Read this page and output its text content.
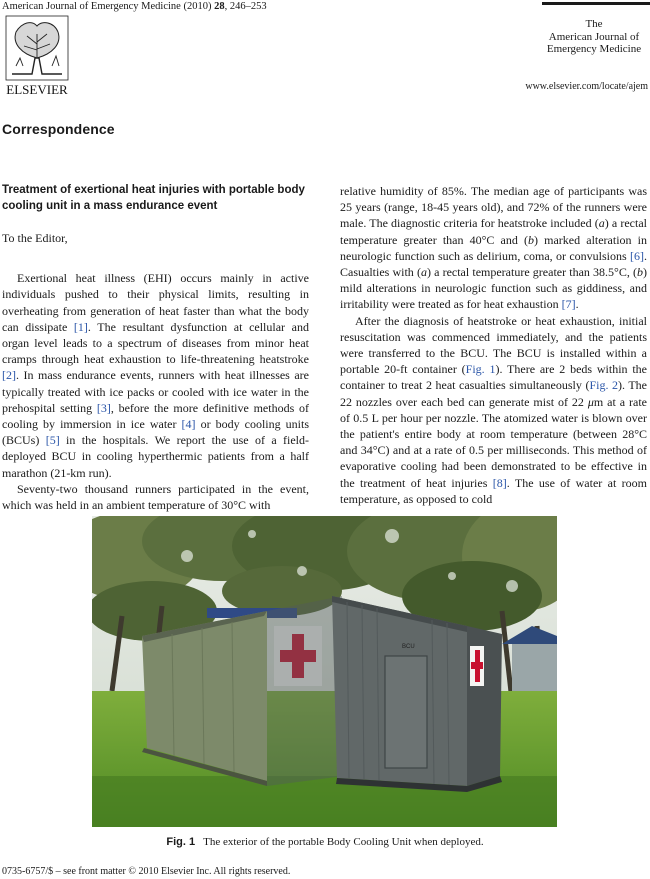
American Journal of Emergency Medicine (2010) 28, 246–253
ELSEVIER
The
American Journal of
Emergency Medicine
www.elsevier.com/locate/ajem
Correspondence
Treatment of exertional heat injuries with portable body cooling unit in a mass endurance event

To the Editor,

Exertional heat illness (EHI) occurs mainly in active individuals pushed to their physical limits, resulting in overheating from generation of heat faster than what the body can dissipate [1]. The resultant dysfunction at cellular and organ level leads to a spectrum of diseases from minor heat cramps through heat exhaustion to life-threatening heatstroke [2]. In mass endurance events, runners with heat illnesses are typically treated with ice packs or cooled with ice water in the prehospital setting [3], before the more definitive methods of cooling by immersion in ice water [4] or body cooling units (BCUs) [5] in the hospitals. We report the use of a field-deployed BCU in cooling hyperthermic patients from a half marathon (21-km run).

Seventy-two thousand runners participated in the event, which was held in an ambient temperature of 30°C with

relative humidity of 85%. The median age of participants was 25 years (range, 18-45 years old), and 72% of the runners were male. The diagnostic criteria for heatstroke included (a) a rectal temperature greater than 40°C and (b) marked alteration in neurologic function such as delirium, coma, or convulsions [6]. Casualties with (a) a rectal temperature greater than 38.5°C, (b) mild alterations in neurologic function such as giddiness, and irritability were treated as for heat exhaustion [7].

After the diagnosis of heatstroke or heat exhaustion, initial resuscitation was commenced immediately, and the patients were transferred to the BCU. The BCU is installed within a portable 20-ft container (Fig. 1). There are 2 beds within the container to treat 2 heat casualties simultaneously (Fig. 2). The 22 nozzles over each bed can generate mist of 22 μm at a rate of 0.5 L per hour per nozzle. The atomized water is blown over the patient's entire body at room temperature (between 28°C and 34°C) and at a rate of 0.5 per milliseconds. This method of evaporative cooling had been demonstrated to be effective in the treatment of heat injuries [8]. The use of water at room temperature, as opposed to cold

BCU
Fig. 1 The exterior of the portable Body Cooling Unit when deployed.
0735-6757/$ – see front matter © 2010 Elsevier Inc. All rights reserved.
